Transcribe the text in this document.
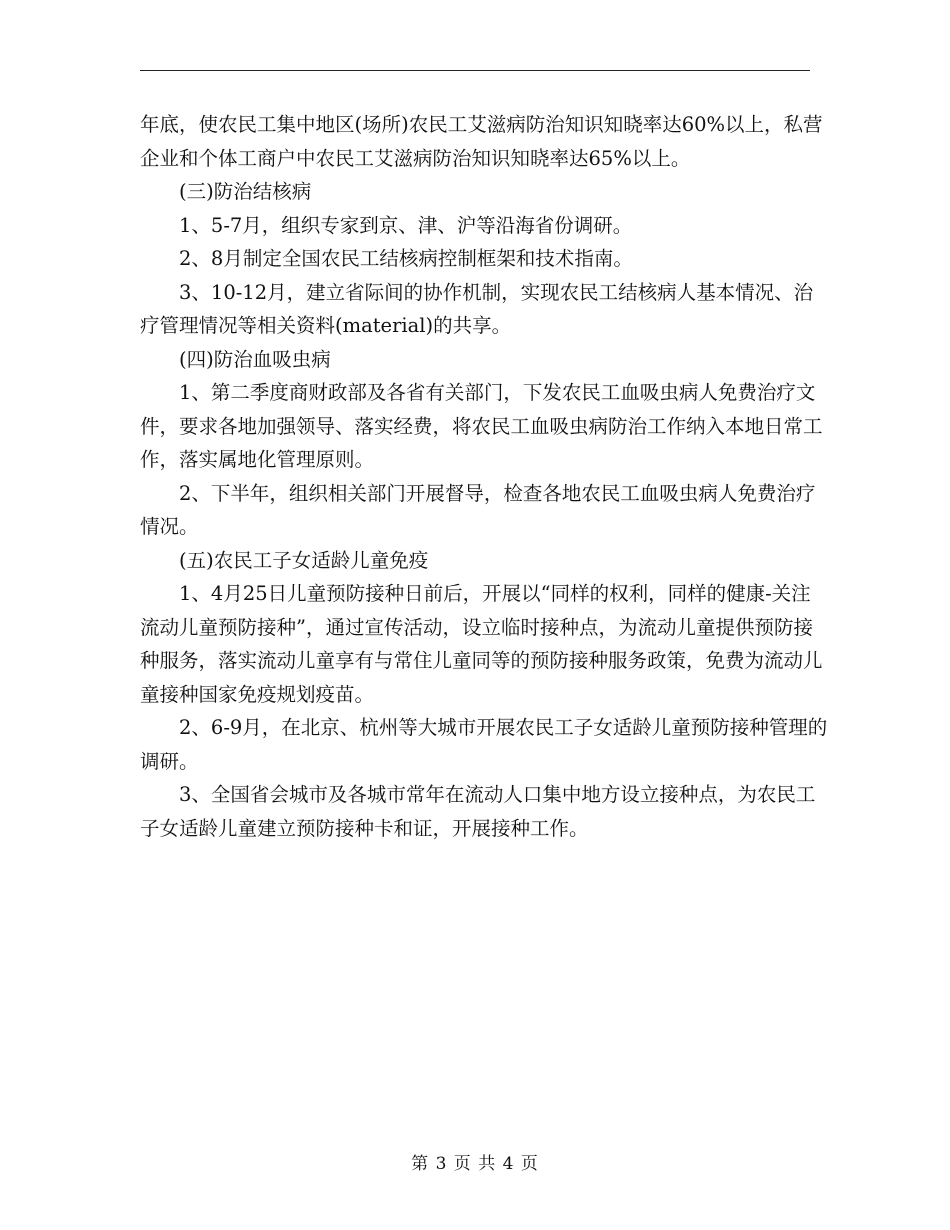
年底，使农民工集中地区(场所)农民工艾滋病防治知识知晓率达60%以上，私营企业和个体工商户中农民工艾滋病防治知识知晓率达65%以上。

(三)防治结核病

1、5-7月，组织专家到京、津、沪等沿海省份调研。

2、8月制定全国农民工结核病控制框架和技术指南。

3、10-12月，建立省际间的协作机制，实现农民工结核病人基本情况、治疗管理情况等相关资料(material)的共享。

(四)防治血吸虫病

1、第二季度商财政部及各省有关部门，下发农民工血吸虫病人免费治疗文件，要求各地加强领导、落实经费，将农民工血吸虫病防治工作纳入本地日常工作，落实属地化管理原则。

2、下半年，组织相关部门开展督导，检查各地农民工血吸虫病人免费治疗情况。

(五)农民工子女适龄儿童免疫

1、4月25日儿童预防接种日前后，开展以“同样的权利，同样的健康-关注流动儿童预防接种”，通过宣传活动，设立临时接种点，为流动儿童提供预防接种服务，落实流动儿童享有与常住儿童同等的预防接种服务政策，免费为流动儿童接种国家免疫规划疫苗。

2、6-9月，在北京、杭州等大城市开展农民工子女适龄儿童预防接种管理的调研。

3、全国省会城市及各城市常年在流动人口集中地方设立接种点，为农民工子女适龄儿童建立预防接种卡和证，开展接种工作。

第 3 页 共 4 页
